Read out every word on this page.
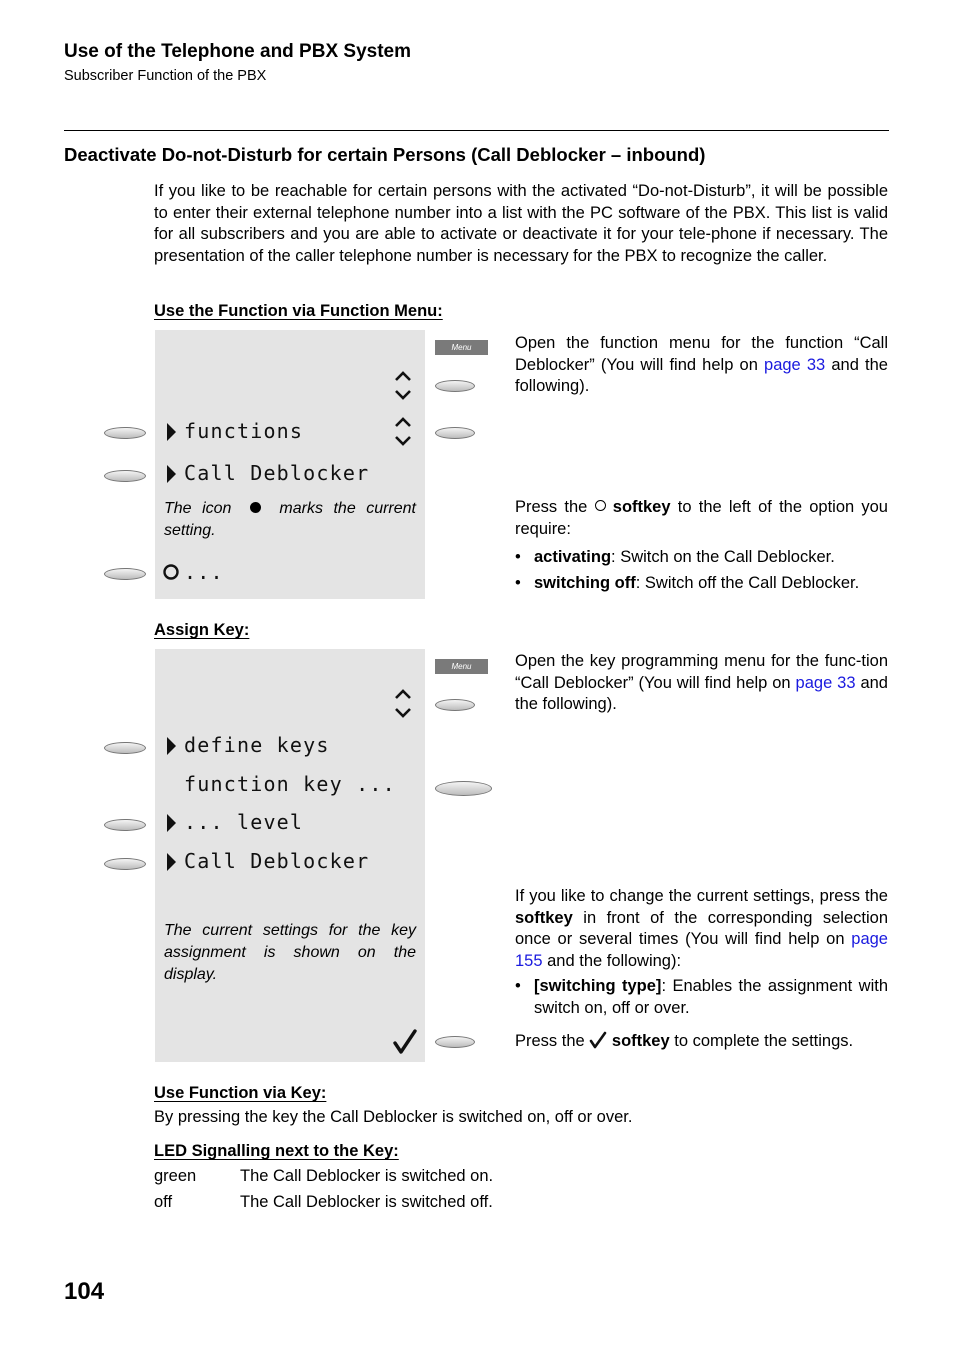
Use of the Telephone and PBX System
Subscriber Function of the PBX
Deactivate Do-not-Disturb for certain Persons (Call Deblocker – inbound)
If you like to be reachable for certain persons with the activated “Do-not-Disturb”, it will be possible to enter their external telephone number into a list with the PC software of the PBX. This list is valid for all subscribers and you are able to activate or deactivate it for your tele-phone if necessary. The presentation of the caller telephone number is necessary for the PBX to recognize the caller.
Use the Function via Function Menu:
functions
Call Deblocker
The icon	marks the current setting.
...
Menu	Open the function menu for the function “Call Deblocker” (You will find help on page 33 and the following).
Press the softkey to the left of the option you require:
• activating: Switch on the Call Deblocker.
• switching off: Switch off the Call Deblocker.
Assign Key:
define keys
function key ...
... level
Call Deblocker
The current settings for the key assignment is shown on the display.
Menu	Open the key programming menu for the func-tion “Call Deblocker” (You will find help on page 33 and the following).
If you like to change the current settings, press the softkey in front of the corresponding selection once or several times (You will find help on page 155 and the following):
• [switching type]: Enables the assignment with switch on, off or over.
Press the softkey to complete the settings.
Use Function via Key:
By pressing the key the Call Deblocker is switched on, off or over.
LED Signalling next to the Key:
green	The Call Deblocker is switched on.
off	The Call Deblocker is switched off.
104
